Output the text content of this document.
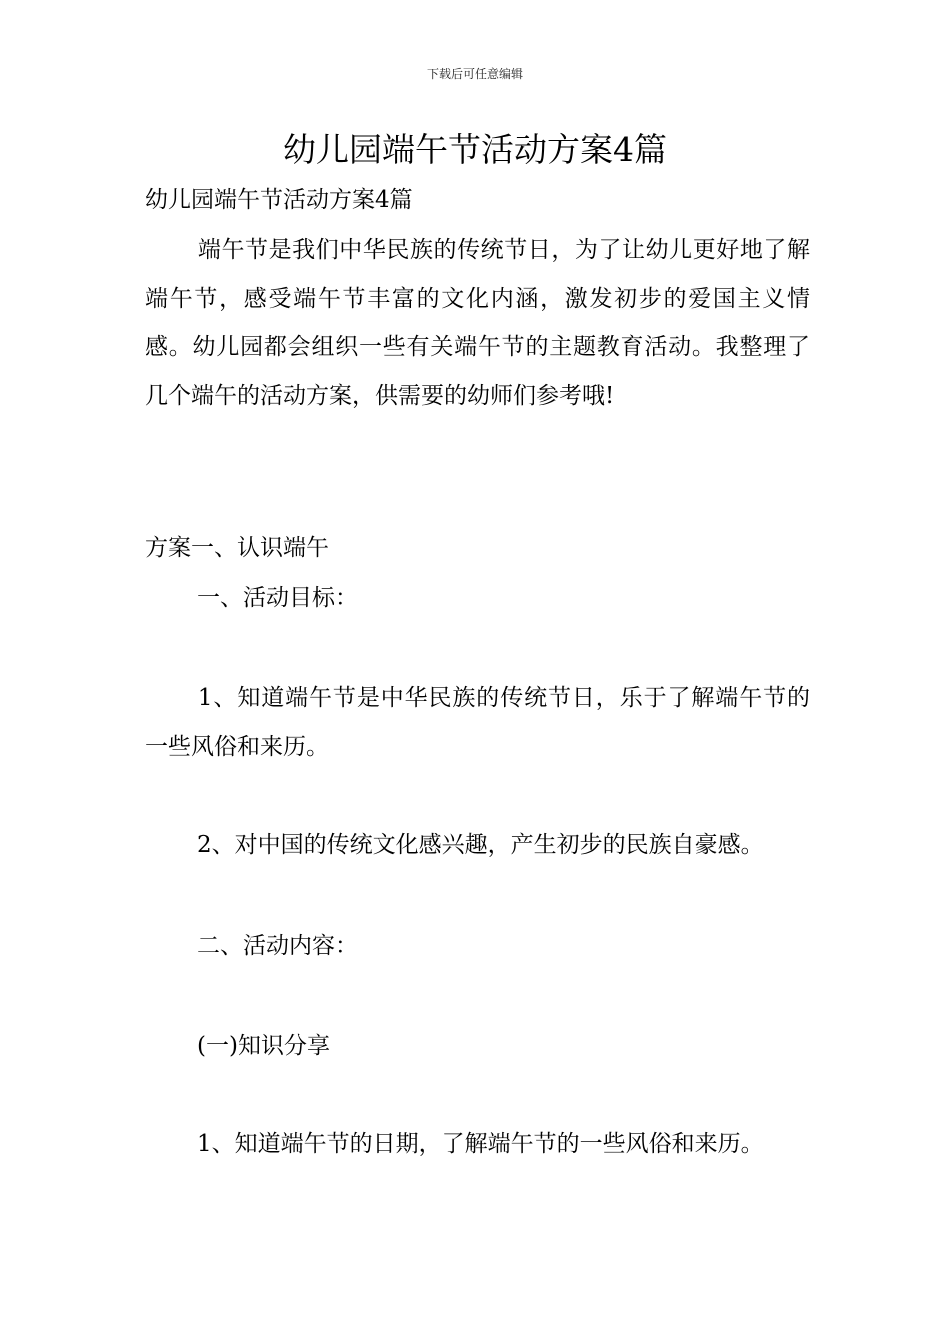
下载后可任意编辑
幼儿园端午节活动方案4篇

幼儿园端午节活动方案4篇

端午节是我们中华民族的传统节日，为了让幼儿更好地了解端午节，感受端午节丰富的文化内涵，激发初步的爱国主义情感。幼儿园都会组织一些有关端午节的主题教育活动。我整理了几个端午的活动方案，供需要的幼师们参考哦!

方案一、认识端午

一、活动目标：

1、知道端午节是中华民族的传统节日，乐于了解端午节的一些风俗和来历。

2、对中国的传统文化感兴趣，产生初步的民族自豪感。

二、活动内容：

(一)知识分享

1、知道端午节的日期，了解端午节的一些风俗和来历。
